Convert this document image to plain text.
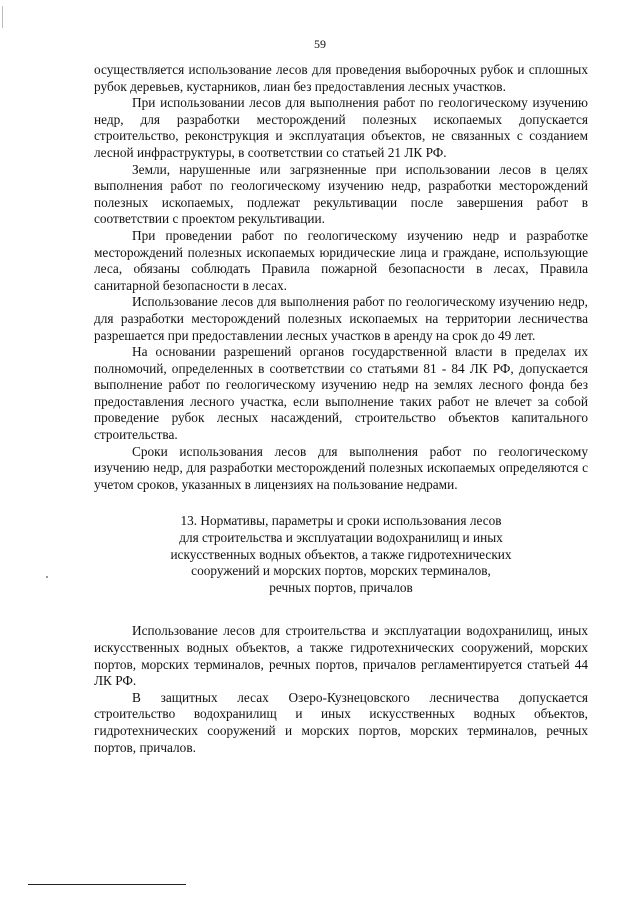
59

осуществляется использование лесов для проведения выборочных рубок и сплошных рубок деревьев, кустарников, лиан без предоставления лесных участков.

При использовании лесов для выполнения работ по геологическому изучению недр, для разработки месторождений полезных ископаемых допускается строительство, реконструкция и эксплуатация объектов, не связанных с созданием лесной инфраструктуры, в соответствии со статьей 21 ЛК РФ.

Земли, нарушенные или загрязненные при использовании лесов в целях выполнения работ по геологическому изучению недр, разработки месторождений полезных ископаемых, подлежат рекультивации после завершения работ в соответствии с проектом рекультивации.

При проведении работ по геологическому изучению недр и разработке месторождений полезных ископаемых юридические лица и граждане, использующие леса, обязаны соблюдать Правила пожарной безопасности в лесах, Правила санитарной безопасности в лесах.

Использование лесов для выполнения работ по геологическому изучению недр, для разработки месторождений полезных ископаемых на территории лесничества разрешается при предоставлении лесных участков в аренду на срок до 49 лет.

На основании разрешений органов государственной власти в пределах их полномочий, определенных в соответствии со статьями 81 - 84 ЛК РФ, допускается выполнение работ по геологическому изучению недр на землях лесного фонда без предоставления лесного участка, если выполнение таких работ не влечет за собой проведение рубок лесных насаждений, строительство объектов капитального строительства.

Сроки использования лесов для выполнения работ по геологическому изучению недр, для разработки месторождений полезных ископаемых определяются с учетом сроков, указанных в лицензиях на пользование недрами.

13. Нормативы, параметры и сроки использования лесов
для строительства и эксплуатации водохранилищ и иных
искусственных водных объектов, а также гидротехнических
сооружений и морских портов, морских терминалов,
речных портов, причалов

Использование лесов для строительства и эксплуатации водохранилищ, иных искусственных водных объектов, а также гидротехнических сооружений, морских портов, морских терминалов, речных портов, причалов регламентируется статьей 44 ЛК РФ.

В защитных лесах Озеро-Кузнецовского лесничества допускается строительство водохранилищ и иных искусственных водных объектов, гидротехнических сооружений и морских портов, морских терминалов, речных портов, причалов.
